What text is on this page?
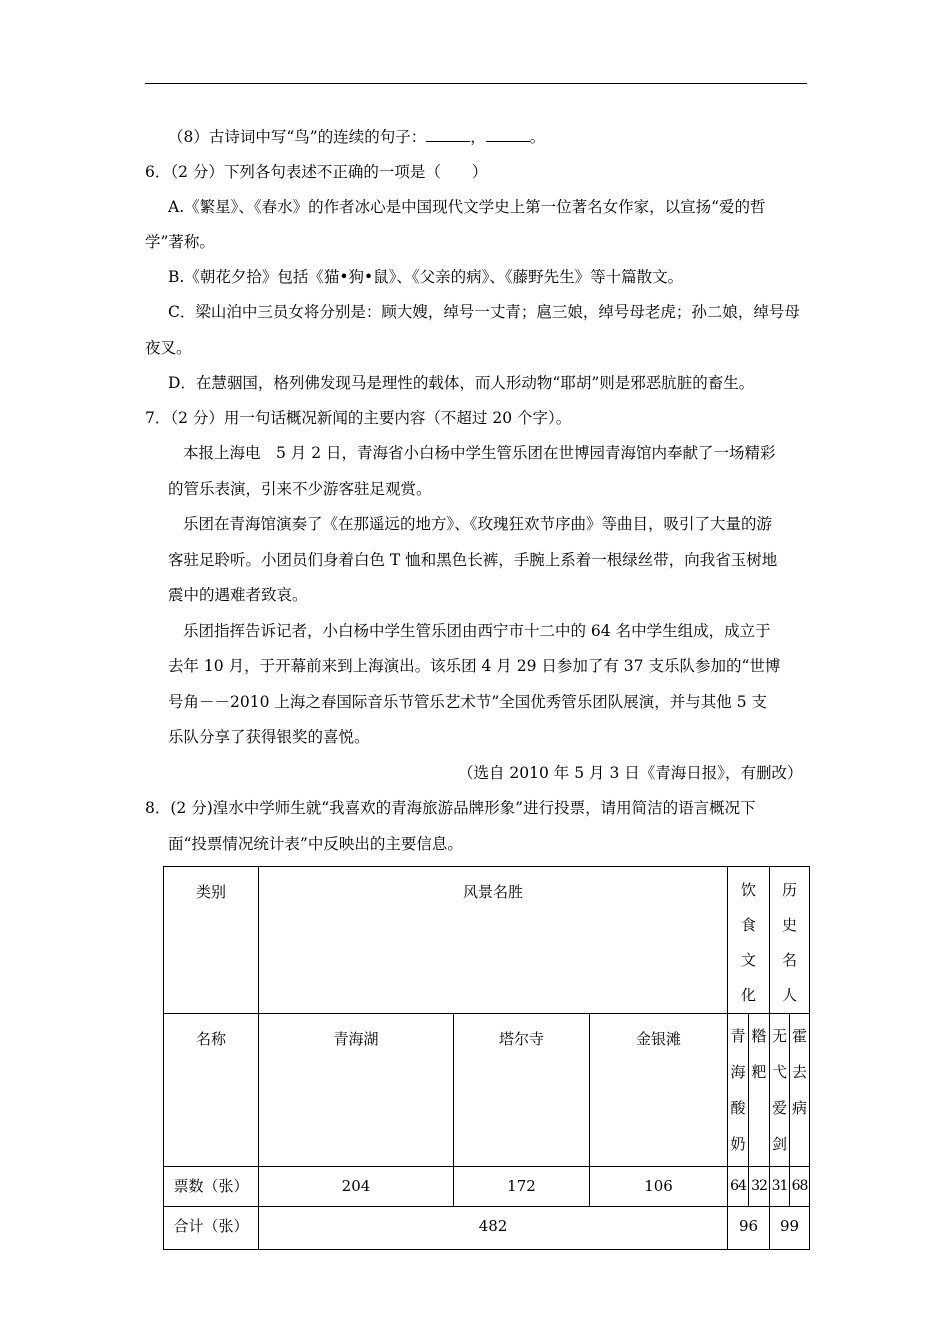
（8）古诗词中写“鸟”的连续的句子：	，	。
6．（2 分）下列各句表述不正确的一项是（　　）
A.《繁星》、《春水》的作者冰心是中国现代文学史上第一位著名女作家，以宣扬“爱的哲
学”著称。
B.《朝花夕拾》包括《猫•狗•鼠》、《父亲的病》、《藤野先生》等十篇散文。
C．梁山泊中三员女将分别是：顾大嫂，绰号一丈青；扈三娘，绰号母老虎；孙二娘，绰号母
夜叉。
D．在慧骃国，格列佛发现马是理性的载体，而人形动物“耶胡”则是邪恶肮脏的畜生。
7．（2 分）用一句话概况新闻的主要内容（不超过 20 个字）。
本报上海电　5 月 2 日，青海省小白杨中学生管乐团在世博园青海馆内奉献了一场精彩
的管乐表演，引来不少游客驻足观赏。
乐团在青海馆演奏了《在那遥远的地方》、《玫瑰狂欢节序曲》等曲目，吸引了大量的游
客驻足聆听。小团员们身着白色 T 恤和黑色长裤，手腕上系着一根绿丝带，向我省玉树地
震中的遇难者致哀。
乐团指挥告诉记者，小白杨中学生管乐团由西宁市十二中的 64 名中学生组成，成立于
去年 10 月，于开幕前来到上海演出。该乐团 4 月 29 日参加了有 37 支乐队参加的“世博
号角－－2010 上海之春国际音乐节管乐艺术节”全国优秀管乐团队展演，并与其他 5 支
乐队分享了获得银奖的喜悦。
（选自 2010 年 5 月 3 日《青海日报》，有删改）
8．(2 分)湟水中学师生就“我喜欢的青海旅游品牌形象”进行投票，请用简洁的语言概况下
面“投票情况统计表”中反映出的主要信息。
类别	风景名胜			饮食文化		历史名人	

名称	青海湖	塔尔寺	金银滩	青海酸奶	糌粑	无弋爱剑	霍去病

票数（张）	204	172	106	64	32	31	68

合计（张）	482			96		99	
